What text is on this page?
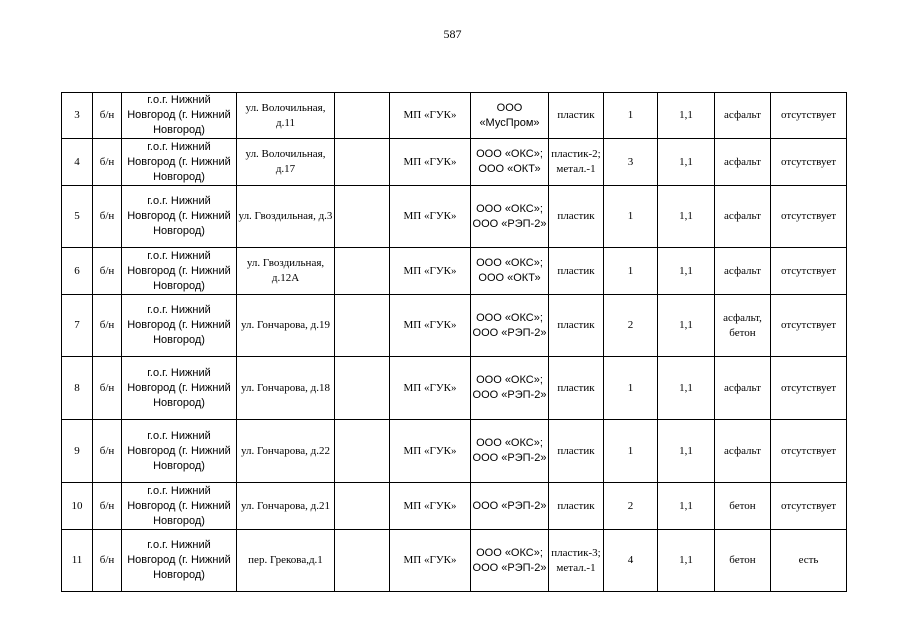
587
3	б/н	г.о.г. Нижний Новгород (г. Нижний Новгород)	ул. Волочильная, д.11		МП «ГУК»	ООО «МусПром»	пластик	1	1,1	асфальт	отсутствует
4	б/н	г.о.г. Нижний Новгород (г. Нижний Новгород)	ул. Волочильная, д.17		МП «ГУК»	ООО «ОКС»; ООО «ОКТ»	пластик-2; метал.-1	3	1,1	асфальт	отсутствует
5	б/н	г.о.г. Нижний Новгород (г. Нижний Новгород)	ул. Гвоздильная, д.3		МП «ГУК»	ООО «ОКС»; ООО «РЭП-2»	пластик	1	1,1	асфальт	отсутствует
6	б/н	г.о.г. Нижний Новгород (г. Нижний Новгород)	ул. Гвоздильная, д.12А		МП «ГУК»	ООО «ОКС»; ООО «ОКТ»	пластик	1	1,1	асфальт	отсутствует
7	б/н	г.о.г. Нижний Новгород (г. Нижний Новгород)	ул. Гончарова, д.19		МП «ГУК»	ООО «ОКС»; ООО «РЭП-2»	пластик	2	1,1	асфальт, бетон	отсутствует
8	б/н	г.о.г. Нижний Новгород (г. Нижний Новгород)	ул. Гончарова, д.18		МП «ГУК»	ООО «ОКС»; ООО «РЭП-2»	пластик	1	1,1	асфальт	отсутствует
9	б/н	г.о.г. Нижний Новгород (г. Нижний Новгород)	ул. Гончарова, д.22		МП «ГУК»	ООО «ОКС»; ООО «РЭП-2»	пластик	1	1,1	асфальт	отсутствует
10	б/н	г.о.г. Нижний Новгород (г. Нижний Новгород)	ул. Гончарова, д.21		МП «ГУК»	ООО «РЭП-2»	пластик	2	1,1	бетон	отсутствует
11	б/н	г.о.г. Нижний Новгород (г. Нижний Новгород)	пер. Грекова,д.1		МП «ГУК»	ООО «ОКС»; ООО «РЭП-2»	пластик-3; метал.-1	4	1,1	бетон	есть
